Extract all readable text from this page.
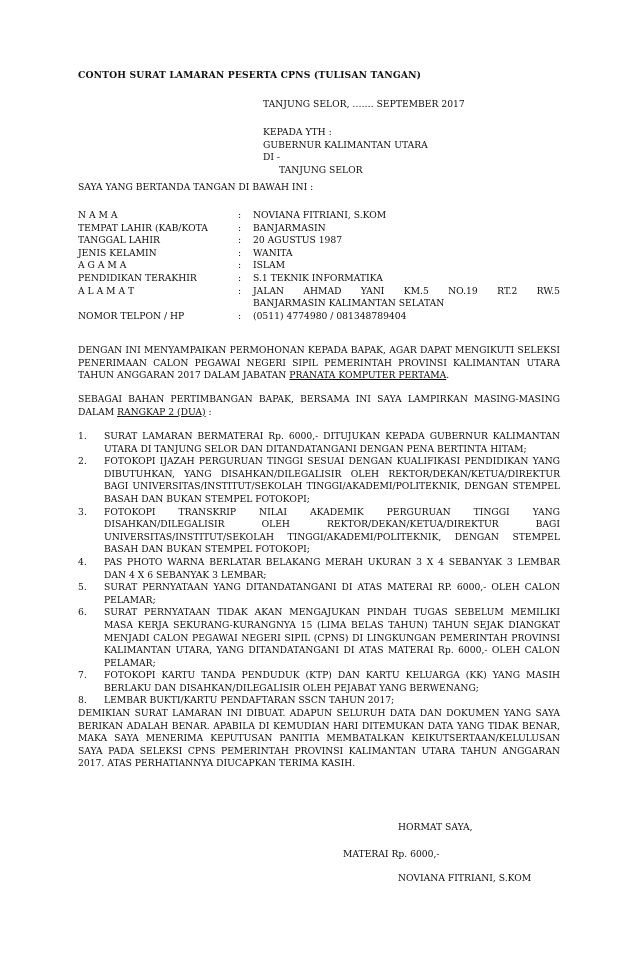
CONTOH SURAT LAMARAN PESERTA CPNS (TULISAN TANGAN)
TANJUNG SELOR, ….… SEPTEMBER 2017
KEPADA YTH :
GUBERNUR KALIMANTAN UTARA
DI -
TANJUNG SELOR
SAYA YANG BERTANDA TANGAN DI BAWAH INI :
N A M A	:	NOVIANA FITRIANI, S.KOM
TEMPAT LAHIR (KAB/KOTA	:	BANJARMASIN
TANGGAL LAHIR	:	20 AGUSTUS 1987
JENIS KELAMIN	:	WANITA
A G A M A	:	ISLAM
PENDIDIKAN TERAKHIR	:	S.1 TEKNIK INFORMATIKA
A L A M A T	:	JALAN AHMAD YANI KM.5 NO.19 RT.2 RW.5
BANJARMASIN KALIMANTAN SELATAN
NOMOR TELPON / HP	:	(0511) 4774980 / 081348789404
DENGAN INI MENYAMPAIKAN PERMOHONAN KEPADA BAPAK, AGAR DAPAT MENGIKUTI SELEKSI PENERIMAAN CALON PEGAWAI NEGERI SIPIL PEMERINTAH PROVINSI KALIMANTAN UTARA TAHUN ANGGARAN 2017 DALAM JABATAN PRANATA KOMPUTER PERTAMA.
SEBAGAI BAHAN PERTIMBANGAN BAPAK, BERSAMA INI SAYA LAMPIRKAN MASING-MASING DALAM RANGKAP 2 (DUA) :
1.	SURAT LAMARAN BERMATERAI Rp. 6000,- DITUJUKAN KEPADA GUBERNUR KALIMANTAN UTARA DI TANJUNG SELOR DAN DITANDATANGANI DENGAN PENA BERTINTA HITAM;
2.	FOTOKOPI IJAZAH PERGURUAN TINGGI SESUAI DENGAN KUALIFIKASI PENDIDIKAN YANG DIBUTUHKAN, YANG DISAHKAN/DILEGALISIR OLEH REKTOR/DEKAN/KETUA/DIREKTUR BAGI UNIVERSITAS/INSTITUT/SEKOLAH TINGGI/AKADEMI/POLITEKNIK, DENGAN STEMPEL BASAH DAN BUKAN STEMPEL FOTOKOPI;
3.	FOTOKOPI TRANSKRIP NILAI AKADEMIK PERGURUAN TINGGI YANG DISAHKAN/DILEGALISIR OLEH REKTOR/DEKAN/KETUA/DIREKTUR BAGI UNIVERSITAS/INSTITUT/SEKOLAH TINGGI/AKADEMI/POLITEKNIK, DENGAN STEMPEL BASAH DAN BUKAN STEMPEL FOTOKOPI;
4.	PAS PHOTO WARNA BERLATAR BELAKANG MERAH UKURAN 3 X 4 SEBANYAK 3 LEMBAR DAN 4 X 6 SEBANYAK 3 LEMBAR;
5.	SURAT PERNYATAAN YANG DITANDATANGANI DI ATAS MATERAI RP. 6000,- OLEH CALON PELAMAR;
6.	SURAT PERNYATAAN TIDAK AKAN MENGAJUKAN PINDAH TUGAS SEBELUM MEMILIKI MASA KERJA SEKURANG-KURANGNYA 15 (LIMA BELAS TAHUN) TAHUN SEJAK DIANGKAT MENJADI CALON PEGAWAI NEGERI SIPIL (CPNS) DI LINGKUNGAN PEMERINTAH PROVINSI KALIMANTAN UTARA, YANG DITANDATANGANI DI ATAS MATERAI Rp. 6000,- OLEH CALON PELAMAR;
7.	FOTOKOPI KARTU TANDA PENDUDUK (KTP) DAN KARTU KELUARGA (KK) YANG MASIH BERLAKU DAN DISAHKAN/DILEGALISIR OLEH PEJABAT YANG BERWENANG;
8.	LEMBAR BUKTI/KARTU PENDAFTARAN SSCN TAHUN 2017;
DEMIKIAN SURAT LAMARAN INI DIBUAT. ADAPUN SELURUH DATA DAN DOKUMEN YANG SAYA BERIKAN ADALAH BENAR. APABILA DI KEMUDIAN HARI DITEMUKAN DATA YANG TIDAK BENAR, MAKA SAYA MENERIMA KEPUTUSAN PANITIA MEMBATALKAN KEIKUTSERTAAN/KELULUSAN SAYA PADA SELEKSI CPNS PEMERINTAH PROVINSI KALIMANTAN UTARA TAHUN ANGGARAN 2017. ATAS PERHATIANNYA DIUCAPKAN TERIMA KASIH.
HORMAT SAYA,
MATERAI Rp. 6000,-
NOVIANA FITRIANI, S.KOM
